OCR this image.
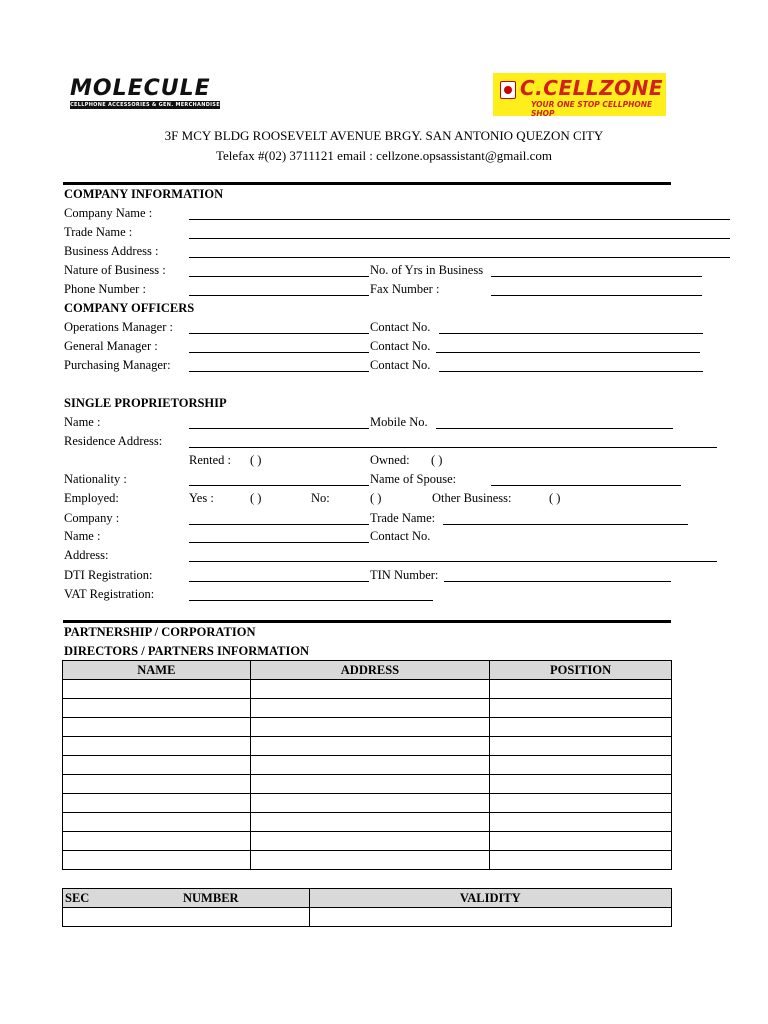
MOLECULE
CELLPHONE ACCESSORIES & GEN. MERCHANDISE
C.CELLZONE
YOUR ONE STOP CELLPHONE SHOP
3F MCY BLDG ROOSEVELT AVENUE BRGY. SAN ANTONIO QUEZON CITY
Telefax #(02) 3711121 email : cellzone.opsassistant@gmail.com
COMPANY INFORMATION
Company Name :
Trade Name :
Business Address :
Nature of Business :	No. of Yrs in Business
Phone Number :	Fax Number :
COMPANY OFFICERS
Operations Manager :	Contact No.
General Manager :	Contact No.
Purchasing Manager:	Contact No.
SINGLE PROPRIETORSHIP
Name :	Mobile No.
Residence Address:
Rented : ( )	Owned: ( )
Nationality :	Name of Spouse:
Employed:	Yes :	( )	No:	( )	Other Business:	( )
Company :	Trade Name:
Name :	Contact No.
Address:
DTI Registration:	TIN Number:
VAT Registration:
PARTNERSHIP / CORPORATION
DIRECTORS / PARTNERS INFORMATION
NAME	ADDRESS	POSITION

SEC NUMBER	VALIDITY
